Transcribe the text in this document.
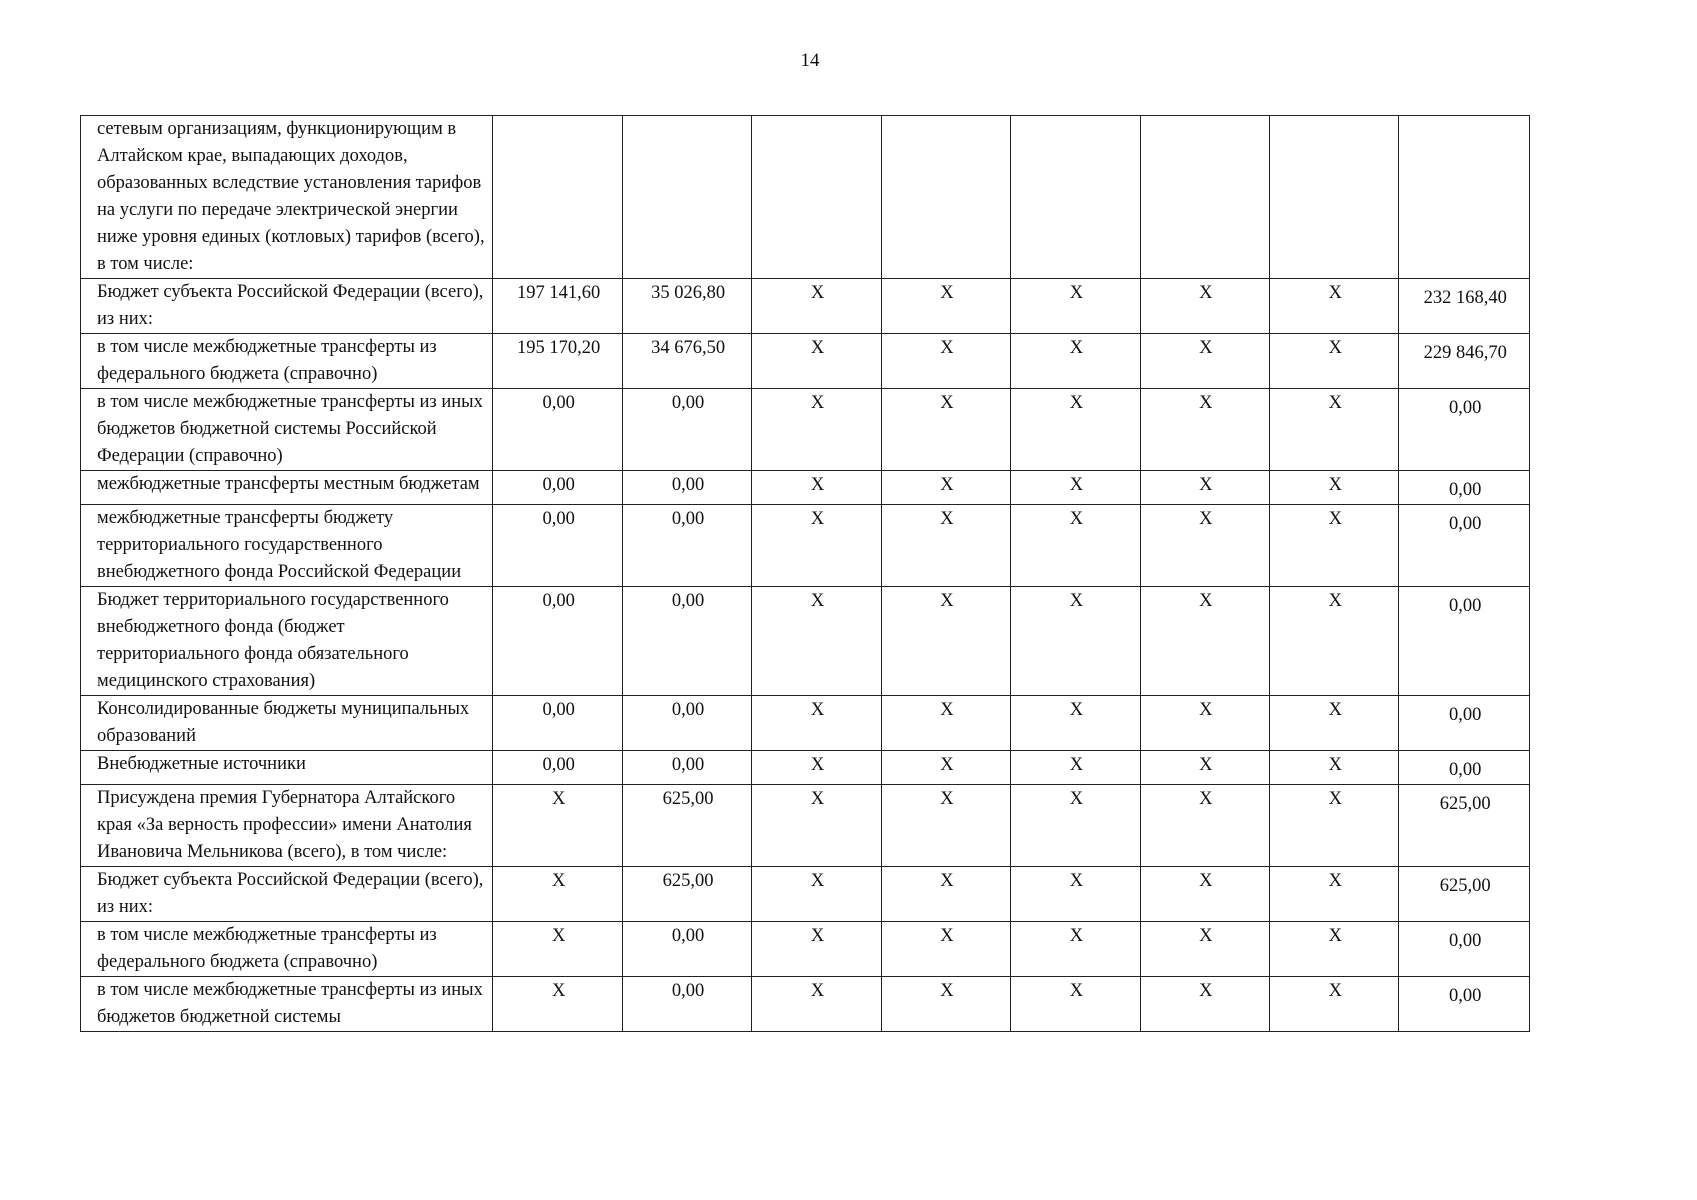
14
сетевым организациям, функционирующим в Алтайском крае, выпадающих доходов, образованных вследствие установления тарифов на услуги по передаче электрической энергии ниже уровня единых (котловых) тарифов (всего), в том числе:								
Бюджет субъекта Российской Федерации (всего), из них:	197 141,60	35 026,80	X	X	X	X	X	232 168,40
в том числе межбюджетные трансферты из федерального бюджета (справочно)	195 170,20	34 676,50	X	X	X	X	X	229 846,70
в том числе межбюджетные трансферты из иных бюджетов бюджетной системы Российской Федерации (справочно)	0,00	0,00	X	X	X	X	X	0,00
межбюджетные трансферты местным бюджетам	0,00	0,00	X	X	X	X	X	0,00
межбюджетные трансферты бюджету территориального государственного внебюджетного фонда Российской Федерации	0,00	0,00	X	X	X	X	X	0,00
Бюджет территориального государственного внебюджетного фонда (бюджет территориального фонда обязательного медицинского страхования)	0,00	0,00	X	X	X	X	X	0,00
Консолидированные бюджеты муниципальных образований	0,00	0,00	X	X	X	X	X	0,00
Внебюджетные источники	0,00	0,00	X	X	X	X	X	0,00
Присуждена премия Губернатора Алтайского края «За верность профессии» имени Анатолия Ивановича Мельникова (всего), в том числе:	X	625,00	X	X	X	X	X	625,00
Бюджет субъекта Российской Федерации (всего), из них:	X	625,00	X	X	X	X	X	625,00
в том числе межбюджетные трансферты из федерального бюджета (справочно)	X	0,00	X	X	X	X	X	0,00
в том числе межбюджетные трансферты из иных бюджетов бюджетной системы	X	0,00	X	X	X	X	X	0,00
